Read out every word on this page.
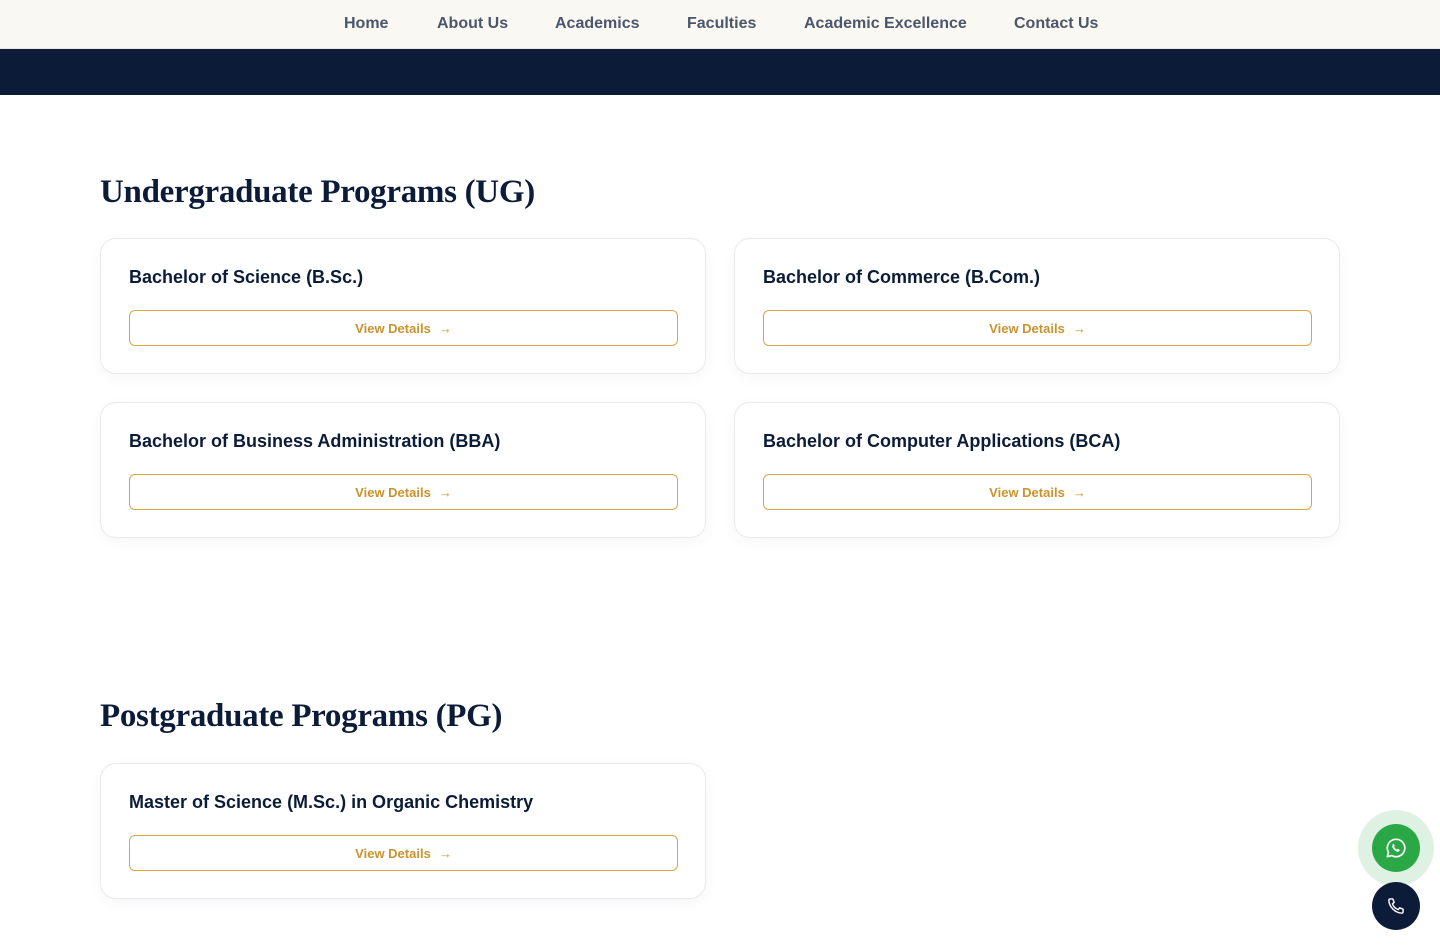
Home	About Us	Academics	Faculties	Academic Excellence	Contact Us
Undergraduate Programs (UG)
Bachelor of Science (B.Sc.)
View Details →
Bachelor of Commerce (B.Com.)
View Details →
Bachelor of Business Administration (BBA)
View Details →
Bachelor of Computer Applications (BCA)
View Details →
Postgraduate Programs (PG)
Master of Science (M.Sc.) in Organic Chemistry
View Details →
